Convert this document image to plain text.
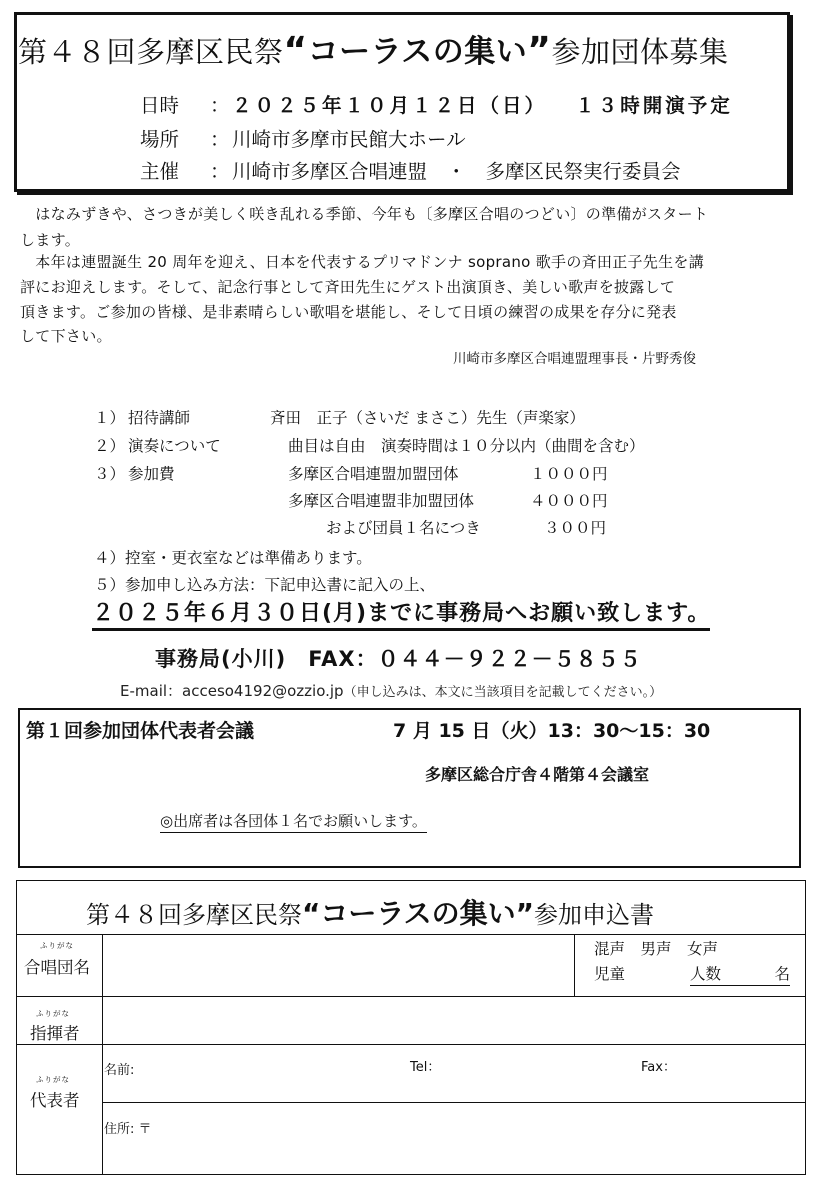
第４８回多摩区民祭“コーラスの集い”参加団体募集
日時 ： ２０２５年１０月１２日（日） １３時開演予定
場所 ： 川崎市多摩市民館大ホール
主催 ： 川崎市多摩区合唱連盟　・　多摩区民祭実行委員会
　はなみずきや、さつきが美しく咲き乱れる季節、今年も〔多摩区合唱のつどい〕の準備がスタート
します。
　本年は連盟誕生 20 周年を迎え、日本を代表するプリマドンナ soprano 歌手の斉田正子先生を講
評にお迎えします。そして、記念行事として斉田先生にゲスト出演頂き、美しい歌声を披露して
頂きます。ご参加の皆様、是非素晴らしい歌唱を堪能し、そして日頃の練習の成果を存分に発表
して下さい。
川崎市多摩区合唱連盟理事長・片野秀俊
１） 招待講師	斉田　正子（さいだ まさこ）先生（声楽家）
２） 演奏について	曲目は自由　演奏時間は１０分以内（曲間を含む）
３） 参加費	多摩区合唱連盟加盟団体	１０００円
多摩区合唱連盟非加盟団体	４０００円
および団員１名につき	３００円
４）控室・更衣室などは準備あります。
５）参加申し込み方法：下記申込書に記入の上、
２０２５年６月３０日(月)までに事務局へお願い致します。
事務局(小川)　FAX：０４４－９２２－５８５５
E-mail：acceso4192@ozzio.jp（申し込みは、本文に当該項目を記載してください。）
第１回参加団体代表者会議	7 月 15 日（火）13：30～15：30
多摩区総合庁舎４階第４会議室
◎出席者は各団体１名でお願いします。
第４８回多摩区民祭“コーラスの集い”参加申込書
ふりがな
合唱団名
ふりがな
指揮者
ふりがな
代表者
混声　男声　女声
児童	人数	名
名前:	Tel：	Fax：
住所: 〒
